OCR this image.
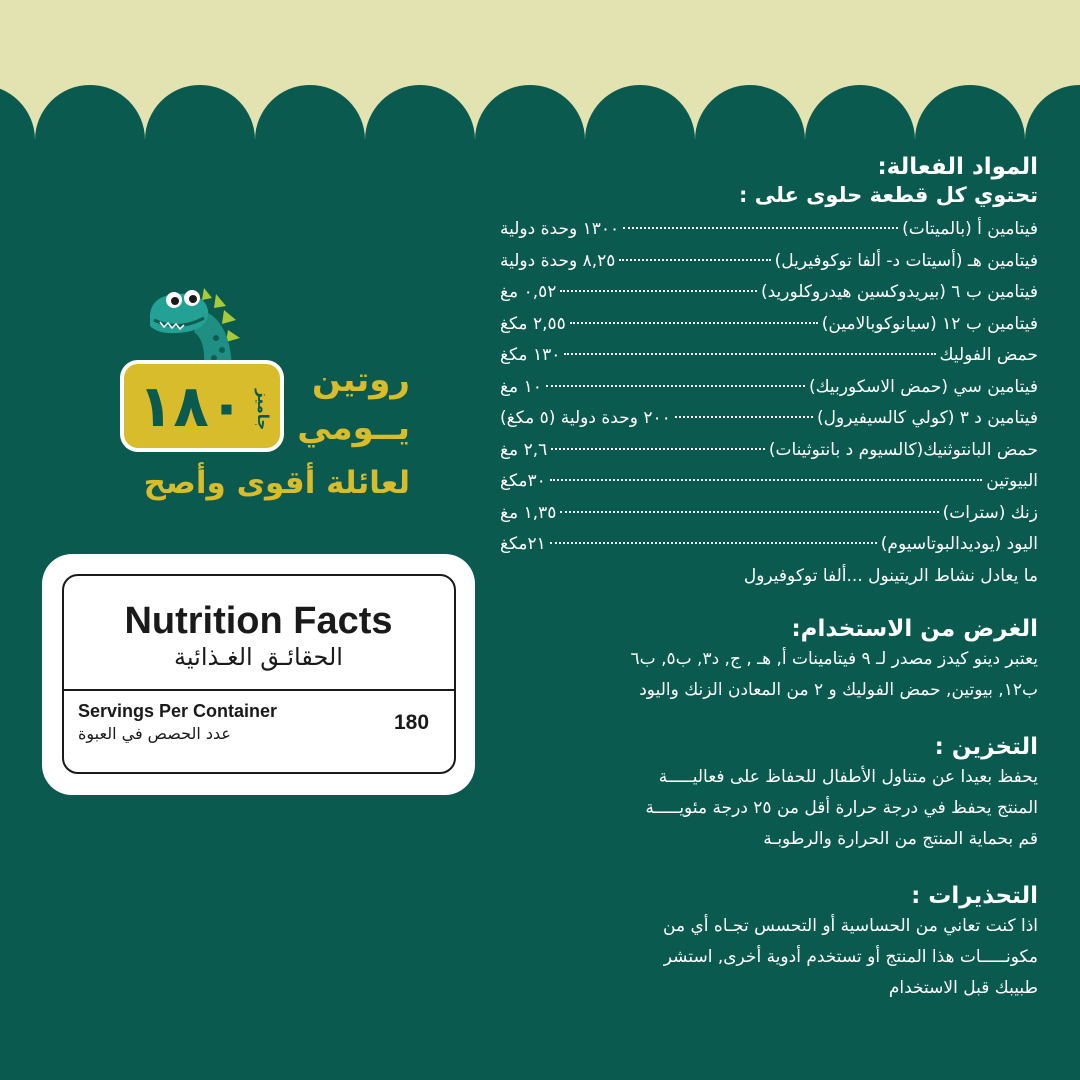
١٨٠ جاميز
روتين
يــومي
لعائلة أقوى وأصح
Nutrition Facts
الحقائـق الغـذائية
Servings Per Container
عدد الحصص في العبوة	180
المواد الفعالة:
تحتوي كل قطعة حلوى على :
فيتامين أ (بالميتات)
١٣٠٠ وحدة دولية
فيتامين هـ (أسيتات د- ألفا توكوفيريل)
٨,٢٥ وحدة دولية
فيتامين ب ٦ (بيريدوكسين هيدروكلوريد)
٠,٥٢ مغ
فيتامين ب ١٢ (سيانوكوبالامين)
٢,٥٥ مكغ
حمض الفوليك
١٣٠ مكغ
فيتامين سي (حمض الاسكوربيك)
١٠ مغ
فيتامين د ٣ (كولي كالسيفيرول)
٢٠٠ وحدة دولية (٥ مكغ)
حمض البانتوثنيك(كالسيوم د بانتوثينات)
٢,٦ مغ
البيوتين
٣٠مكغ
زنك (سترات)
١,٣٥ مغ
اليود (يوديدالبوتاسيوم)
٢١مكغ
ما يعادل نشاط الريتينول ...ألفا توكوفيرول
الغرض من الاستخدام:

يعتبر دينو كيدز مصدر لـ ٩ فيتامينات أ, هـ , ج, د٣, ب٥, ب٦

ب١٢, بيوتين, حمض الفوليك و ٢ من المعادن الزنك واليود

التخزين :

يحفظ بعيدا عن متناول الأطفال للحفاظ على فعاليـــــة

المنتج يحفظ في درجة حرارة أقل من ٢٥ درجة مئويـــــة

قم بحماية المنتج من الحرارة والرطوبـة

التحذيرات :

اذا كنت تعاني من الحساسية أو التحسس تجـاه أي من

مكونـــــات هذا المنتج أو تستخدم أدوية أخرى, استشر

طبيبك قبل الاستخدام
